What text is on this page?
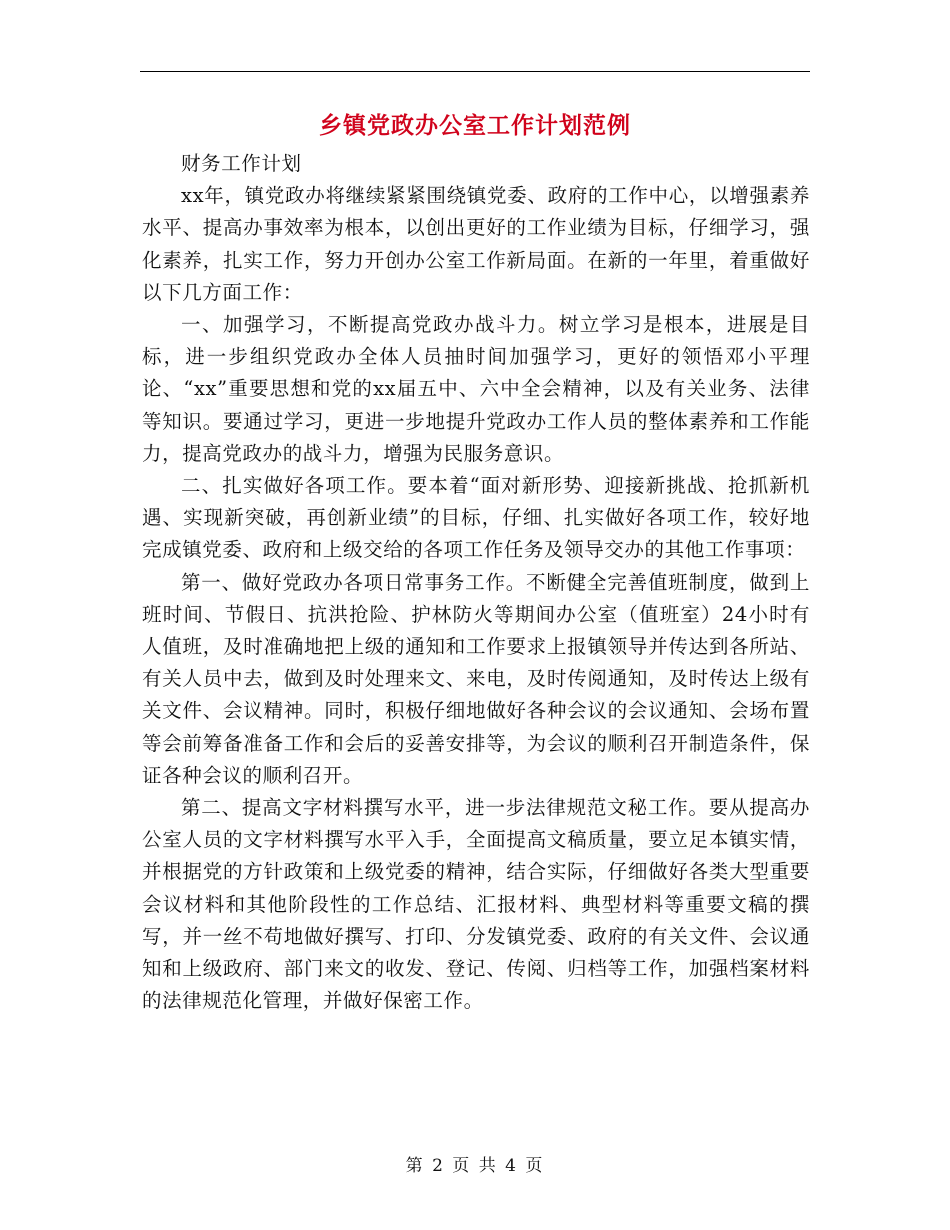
乡镇党政办公室工作计划范例

财务工作计划

xx年，镇党政办将继续紧紧围绕镇党委、政府的工作中心，以增强素养水平、提高办事效率为根本，以创出更好的工作业绩为目标，仔细学习，强化素养，扎实工作，努力开创办公室工作新局面。在新的一年里，着重做好以下几方面工作：

一、加强学习，不断提高党政办战斗力。树立学习是根本，进展是目标，进一步组织党政办全体人员抽时间加强学习，更好的领悟邓小平理论、“xx”重要思想和党的xx届五中、六中全会精神，以及有关业务、法律等知识。要通过学习，更进一步地提升党政办工作人员的整体素养和工作能力，提高党政办的战斗力，增强为民服务意识。

二、扎实做好各项工作。要本着“面对新形势、迎接新挑战、抢抓新机遇、实现新突破，再创新业绩”的目标，仔细、扎实做好各项工作，较好地完成镇党委、政府和上级交给的各项工作任务及领导交办的其他工作事项：

第一、做好党政办各项日常事务工作。不断健全完善值班制度，做到上班时间、节假日、抗洪抢险、护林防火等期间办公室（值班室）24小时有人值班，及时准确地把上级的通知和工作要求上报镇领导并传达到各所站、有关人员中去，做到及时处理来文、来电，及时传阅通知，及时传达上级有关文件、会议精神。同时，积极仔细地做好各种会议的会议通知、会场布置等会前筹备准备工作和会后的妥善安排等，为会议的顺利召开制造条件，保证各种会议的顺利召开。

第二、提高文字材料撰写水平，进一步法律规范文秘工作。要从提高办公室人员的文字材料撰写水平入手，全面提高文稿质量，要立足本镇实情，并根据党的方针政策和上级党委的精神，结合实际，仔细做好各类大型重要会议材料和其他阶段性的工作总结、汇报材料、典型材料等重要文稿的撰写，并一丝不苟地做好撰写、打印、分发镇党委、政府的有关文件、会议通知和上级政府、部门来文的收发、登记、传阅、归档等工作，加强档案材料的法律规范化管理，并做好保密工作。

第 2 页 共 4 页
